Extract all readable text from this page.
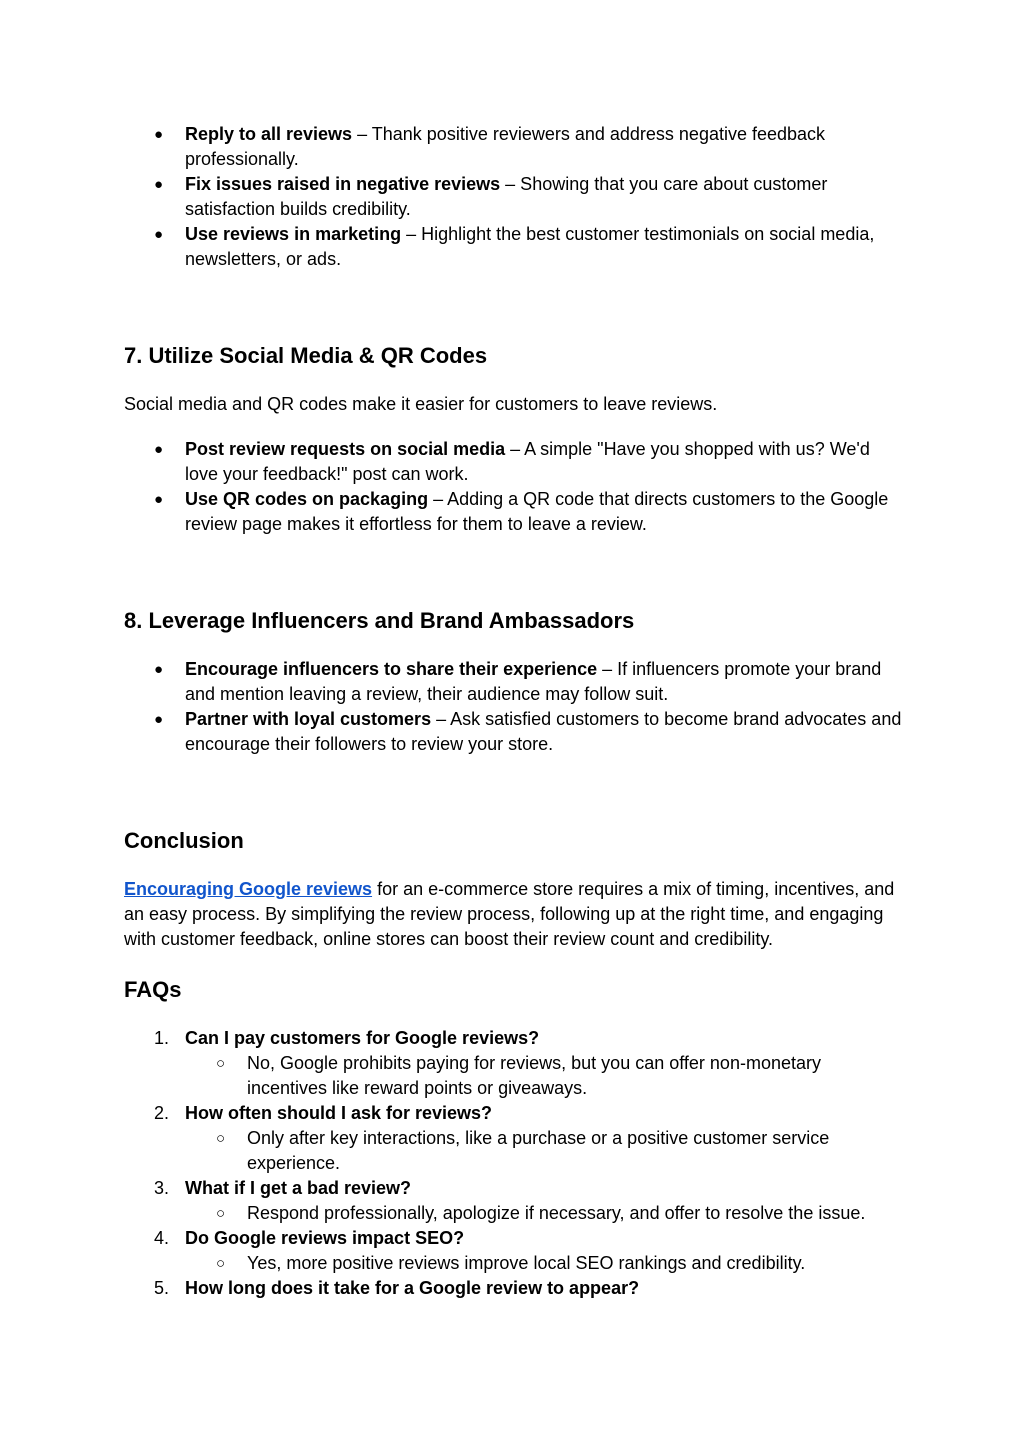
● Reply to all reviews – Thank positive reviewers and address negative feedback professionally.
● Fix issues raised in negative reviews – Showing that you care about customer satisfaction builds credibility.
● Use reviews in marketing – Highlight the best customer testimonials on social media, newsletters, or ads.
7. Utilize Social Media & QR Codes

Social media and QR codes make it easier for customers to leave reviews.

● Post review requests on social media – A simple "Have you shopped with us? We'd love your feedback!" post can work.
● Use QR codes on packaging – Adding a QR code that directs customers to the Google review page makes it effortless for them to leave a review.
8. Leverage Influencers and Brand Ambassadors
● Encourage influencers to share their experience – If influencers promote your brand and mention leaving a review, their audience may follow suit.
● Partner with loyal customers – Ask satisfied customers to become brand advocates and encourage their followers to review your store.
Conclusion

Encouraging Google reviews for an e-commerce store requires a mix of timing, incentives, and an easy process. By simplifying the review process, following up at the right time, and engaging with customer feedback, online stores can boost their review count and credibility.

FAQs
1. Can I pay customers for Google reviews?
○ No, Google prohibits paying for reviews, but you can offer non-monetary incentives like reward points or giveaways.
2. How often should I ask for reviews?
○ Only after key interactions, like a purchase or a positive customer service experience.
3. What if I get a bad review?
○ Respond professionally, apologize if necessary, and offer to resolve the issue.
4. Do Google reviews impact SEO?
○ Yes, more positive reviews improve local SEO rankings and credibility.
5. How long does it take for a Google review to appear?
